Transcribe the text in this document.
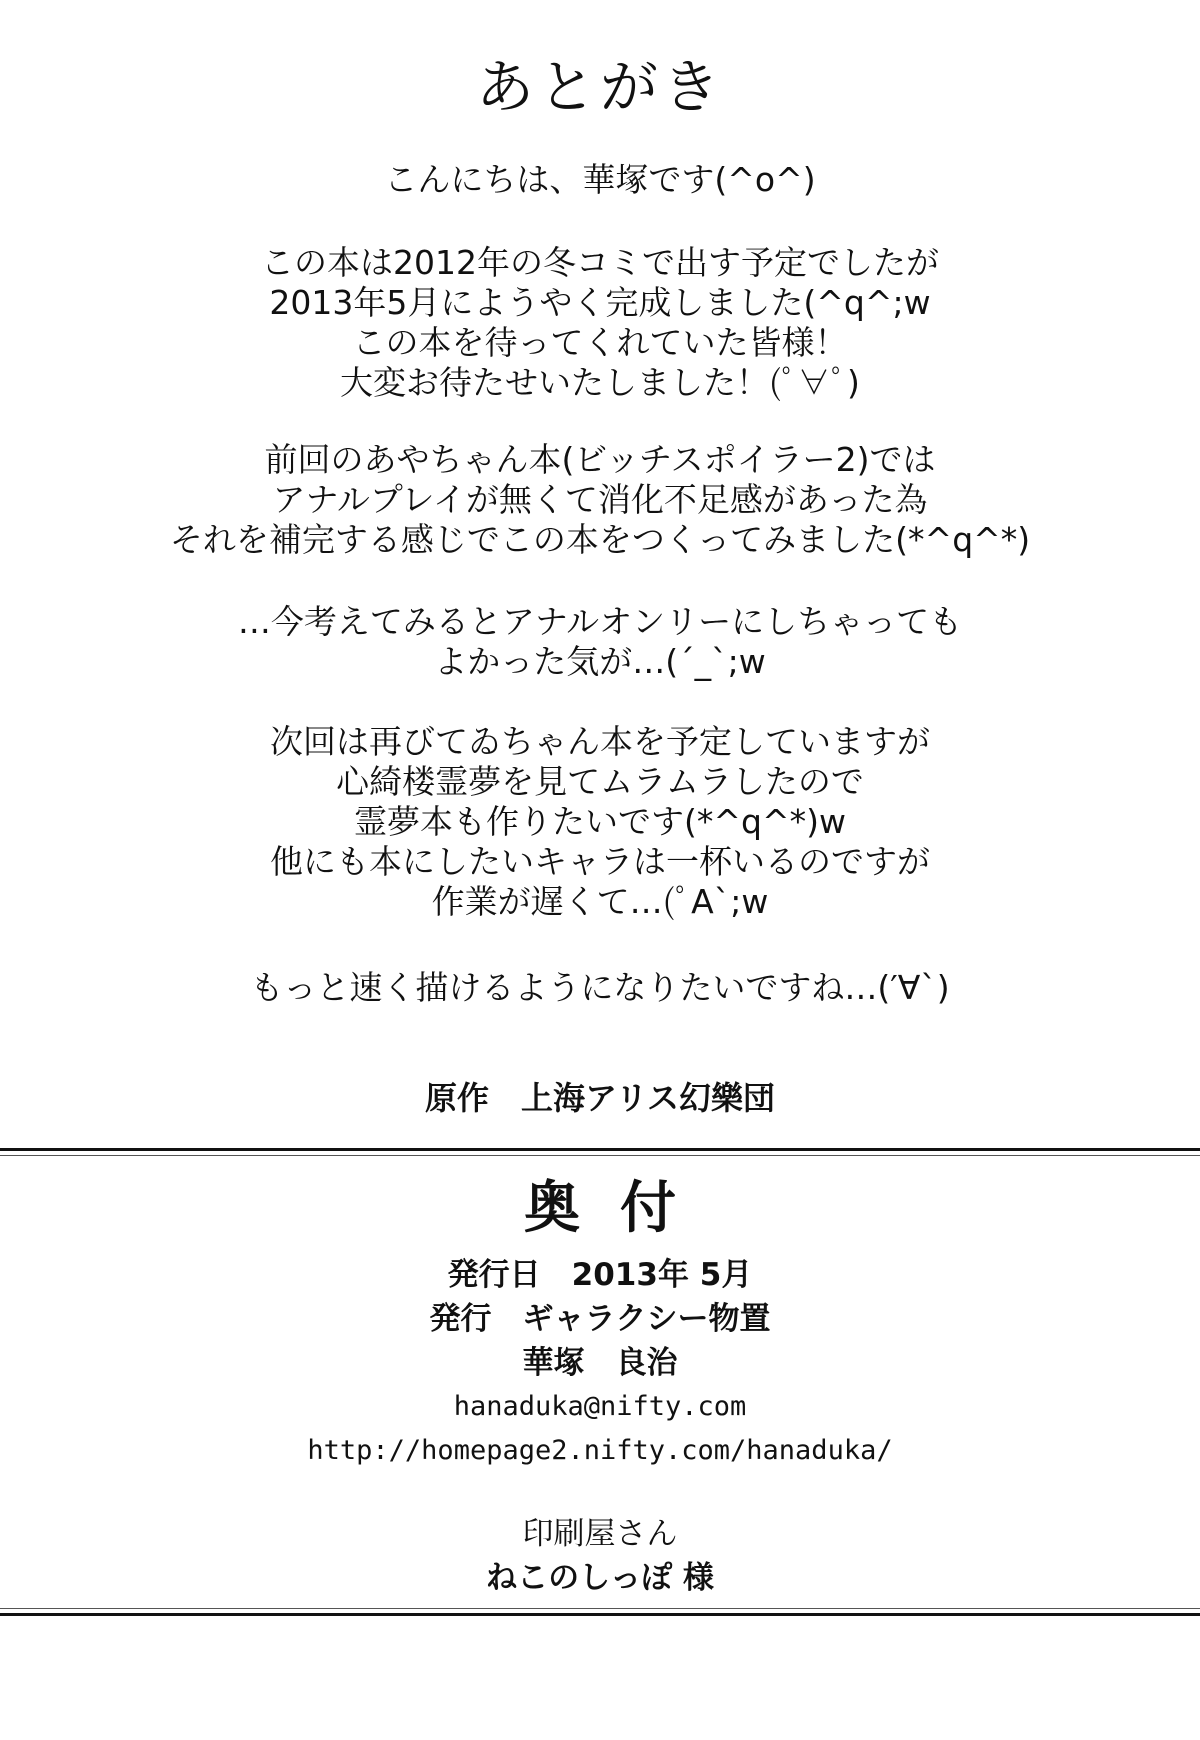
あとがき
こんにちは、華塚です(^o^)
この本は2012年の冬コミで出す予定でしたが
2013年5月にようやく完成しました(^q^;w
この本を待ってくれていた皆様！
大変お待たせいたしました！(ﾟ∀ﾟ)
前回のあやちゃん本(ビッチスポイラー2)では
アナルプレイが無くて消化不足感があった為
それを補完する感じでこの本をつくってみました(*^q^*)
…今考えてみるとアナルオンリーにしちゃっても
よかった気が…(´_`;w
次回は再びてゐちゃん本を予定していますが
心綺楼霊夢を見てムラムラしたので
霊夢本も作りたいです(*^q^*)w
他にも本にしたいキャラは一杯いるのですが
作業が遅くて…(ﾟA`;w
もっと速く描けるようになりたいですね…(′∀`)
原作　上海アリス幻樂団
奥付
発行日　2013年 5月
発行　ギャラクシー物置
華塚　良治
hanaduka@nifty.com
http://homepage2.nifty.com/hanaduka/
印刷屋さん
ねこのしっぽ 様
